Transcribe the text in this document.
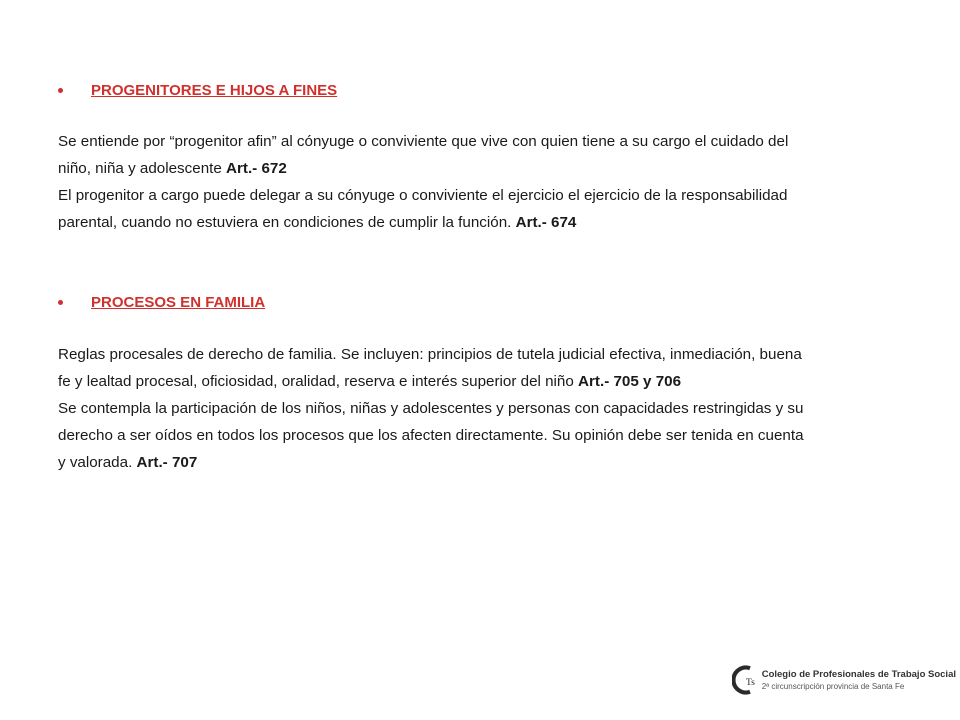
PROGENITORES E HIJOS A FINES

Se entiende por “progenitor afin” al cónyuge o conviviente que vive con quien tiene a su cargo el cuidado del
niño, niña y adolescente Art.- 672
El progenitor a cargo puede delegar a su cónyuge o conviviente el ejercicio el ejercicio de la responsabilidad
parental, cuando no estuviera en condiciones de cumplir la función. Art.- 674

PROCESOS EN FAMILIA

Reglas procesales de derecho de familia. Se incluyen: principios de tutela judicial efectiva, inmediación, buena
fe y lealtad procesal, oficiosidad, oralidad, reserva e interés superior del niño Art.- 705 y 706
Se contempla la participación de los niños, niñas y adolescentes y personas con capacidades restringidas y su
derecho a ser oídos en todos los procesos que los afecten directamente. Su opinión debe ser tenida en cuenta
y valorada. Art.- 707

Ts
Colegio de Profesionales de Trabajo Social
2ª circunscripción provincia de Santa Fe
